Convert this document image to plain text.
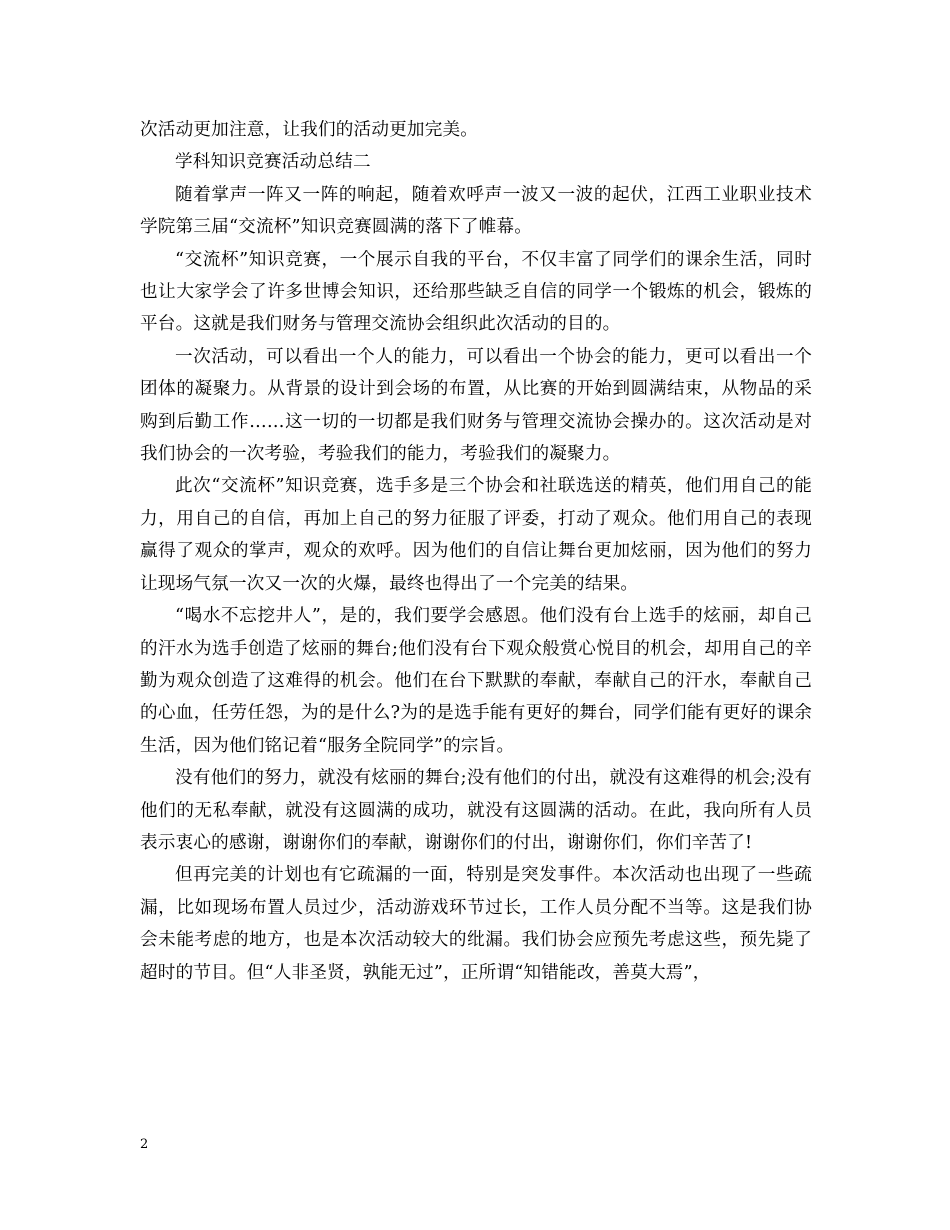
次活动更加注意，让我们的活动更加完美。

学科知识竞赛活动总结二

随着掌声一阵又一阵的响起，随着欢呼声一波又一波的起伏，江西工业职业技术学院第三届“交流杯”知识竞赛圆满的落下了帷幕。

“交流杯”知识竞赛，一个展示自我的平台，不仅丰富了同学们的课余生活，同时也让大家学会了许多世博会知识，还给那些缺乏自信的同学一个锻炼的机会，锻炼的平台。这就是我们财务与管理交流协会组织此次活动的目的。

一次活动，可以看出一个人的能力，可以看出一个协会的能力，更可以看出一个团体的凝聚力。从背景的设计到会场的布置，从比赛的开始到圆满结束，从物品的采购到后勤工作……这一切的一切都是我们财务与管理交流协会操办的。这次活动是对我们协会的一次考验，考验我们的能力，考验我们的凝聚力。

此次“交流杯”知识竞赛，选手多是三个协会和社联选送的精英，他们用自己的能力，用自己的自信，再加上自己的努力征服了评委，打动了观众。他们用自己的表现赢得了观众的掌声，观众的欢呼。因为他们的自信让舞台更加炫丽，因为他们的努力让现场气氛一次又一次的火爆，最终也得出了一个完美的结果。

“喝水不忘挖井人”，是的，我们要学会感恩。他们没有台上选手的炫丽，却自己的汗水为选手创造了炫丽的舞台;他们没有台下观众般赏心悦目的机会，却用自己的辛勤为观众创造了这难得的机会。他们在台下默默的奉献，奉献自己的汗水，奉献自己的心血，任劳任怨，为的是什么?为的是选手能有更好的舞台，同学们能有更好的课余生活，因为他们铭记着“服务全院同学”的宗旨。

没有他们的努力，就没有炫丽的舞台;没有他们的付出，就没有这难得的机会;没有他们的无私奉献，就没有这圆满的成功，就没有这圆满的活动。在此，我向所有人员表示衷心的感谢，谢谢你们的奉献，谢谢你们的付出，谢谢你们，你们辛苦了!

但再完美的计划也有它疏漏的一面，特别是突发事件。本次活动也出现了一些疏漏，比如现场布置人员过少，活动游戏环节过长，工作人员分配不当等。这是我们协会未能考虑的地方，也是本次活动较大的纰漏。我们协会应预先考虑这些，预先毙了超时的节目。但“人非圣贤，孰能无过”，正所谓“知错能改，善莫大焉”，

2
